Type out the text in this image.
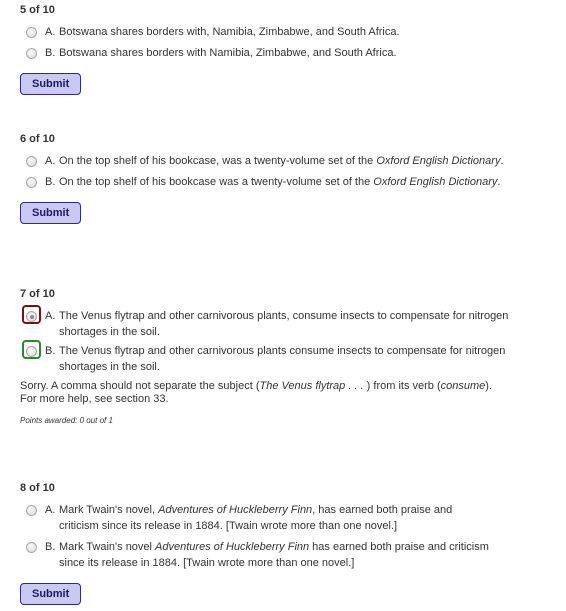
5 of 10
A. Botswana shares borders with, Namibia, Zimbabwe, and South Africa.
B. Botswana shares borders with Namibia, Zimbabwe, and South Africa.
Submit
6 of 10
A. On the top shelf of his bookcase, was a twenty-volume set of the Oxford English Dictionary.
B. On the top shelf of his bookcase was a twenty-volume set of the Oxford English Dictionary.
Submit
7 of 10
A. The Venus flytrap and other carnivorous plants, consume insects to compensate for nitrogen shortages in the soil.
B. The Venus flytrap and other carnivorous plants consume insects to compensate for nitrogen shortages in the soil.
Sorry. A comma should not separate the subject (The Venus flytrap . . . ) from its verb (consume).
For more help, see section 33.
Points awarded: 0 out of 1
8 of 10
A. Mark Twain's novel, Adventures of Huckleberry Finn, has earned both praise and criticism since its release in 1884. [Twain wrote more than one novel.]
B. Mark Twain's novel Adventures of Huckleberry Finn has earned both praise and criticism since its release in 1884. [Twain wrote more than one novel.]
Submit
